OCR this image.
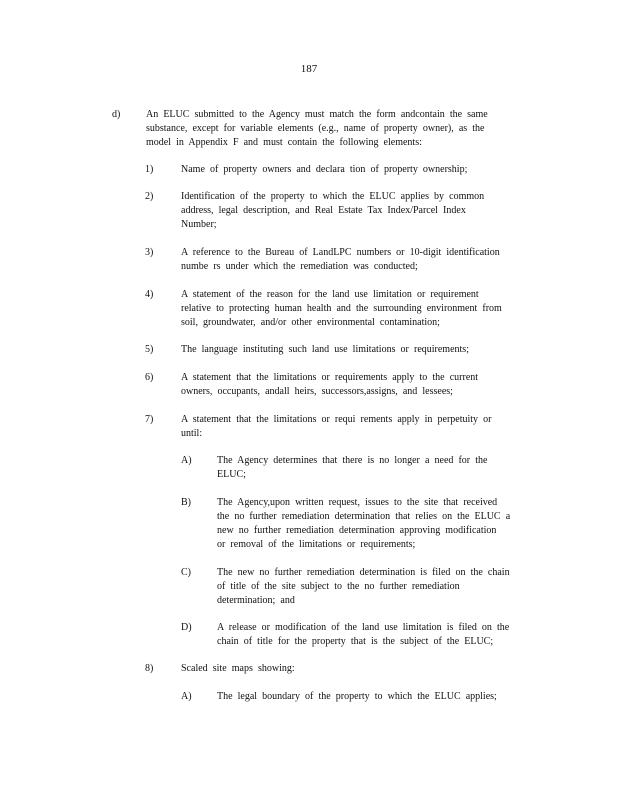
187
d)	An ELUC submitted to the Agency must match the form andcontain the same
substance, except for variable elements (e.g., name of property owner), as the
model in Appendix F and must contain the following elements:
1)	Name of property owners and declara tion of property ownership;
2)	Identification of the property to which the ELUC applies by common
address, legal description, and Real Estate Tax Index/Parcel Index
Number;
3)	A reference to the Bureau of LandLPC numbers or 10-digit identification
numbe rs under which the remediation was conducted;
4)	A statement of the reason for the land use limitation or requirement
relative to protecting human health and the surrounding environment from
soil, groundwater, and/or other environmental contamination;
5)	The language instituting such land use limitations or requirements;
6)	A statement that the limitations or requirements apply to the current
owners, occupants, andall heirs, successors,assigns, and lessees;
7)	A statement that the limitations or requi rements apply in perpetuity or
until:
A)	The Agency determines that there is no longer a need for the
ELUC;
B)	The Agency,upon written request, issues to the site that received
the no further remediation determination that relies on the ELUC a
new no further remediation determination approving modification
or removal of the limitations or requirements;
C)	The new no further remediation determination is filed on the chain
of title of the site subject to the no further remediation
determination; and
D)	A release or modification of the land use limitation is filed on the
chain of title for the property that is the subject of the ELUC;
8)	Scaled site maps showing:
A)	The legal boundary of the property to which the ELUC applies;
